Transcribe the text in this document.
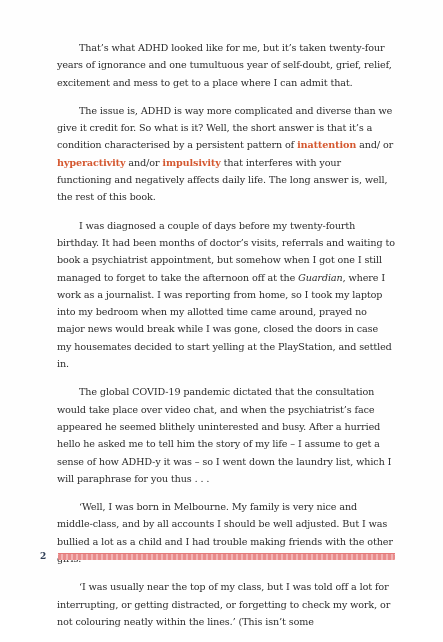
That’s what ADHD looked like for me, but it’s taken twenty-four years of ignorance and one tumultuous year of self-doubt, grief, relief, excitement and mess to get to a place where I can admit that.

The issue is, ADHD is way more complicated and diverse than we give it credit for. So what is it? Well, the short answer is that it’s a condition characterised by a persistent pattern of inattention and/ or hyperactivity and/or impulsivity that interferes with your functioning and negatively affects daily life. The long answer is, well, the rest of this book.

I was diagnosed a couple of days before my twenty-fourth birthday. It had been months of doctor’s visits, referrals and waiting to book a psychiatrist appointment, but somehow when I got one I still managed to forget to take the afternoon off at the Guardian, where I work as a journalist. I was reporting from home, so I took my laptop into my bedroom when my allotted time came around, prayed no major news would break while I was gone, closed the doors in case my housemates decided to start yelling at the PlayStation, and settled in.

The global COVID-19 pandemic dictated that the consultation would take place over video chat, and when the psychiatrist’s face appeared he seemed blithely uninterested and busy. After a hurried hello he asked me to tell him the story of my life – I assume to get a sense of how ADHD-y it was – so I went down the laundry list, which I will paraphrase for you thus . . .

‘Well, I was born in Melbourne. My family is very nice and middle-class, and by all accounts I should be well adjusted. But I was bullied a lot as a child and I had trouble making friends with the other

‘I was usually near the top of my class, but I was told off a lot for interrupting, or getting distracted, or forgetting to check my work, or not colouring neatly within the lines.’ (This isn’t some

2
